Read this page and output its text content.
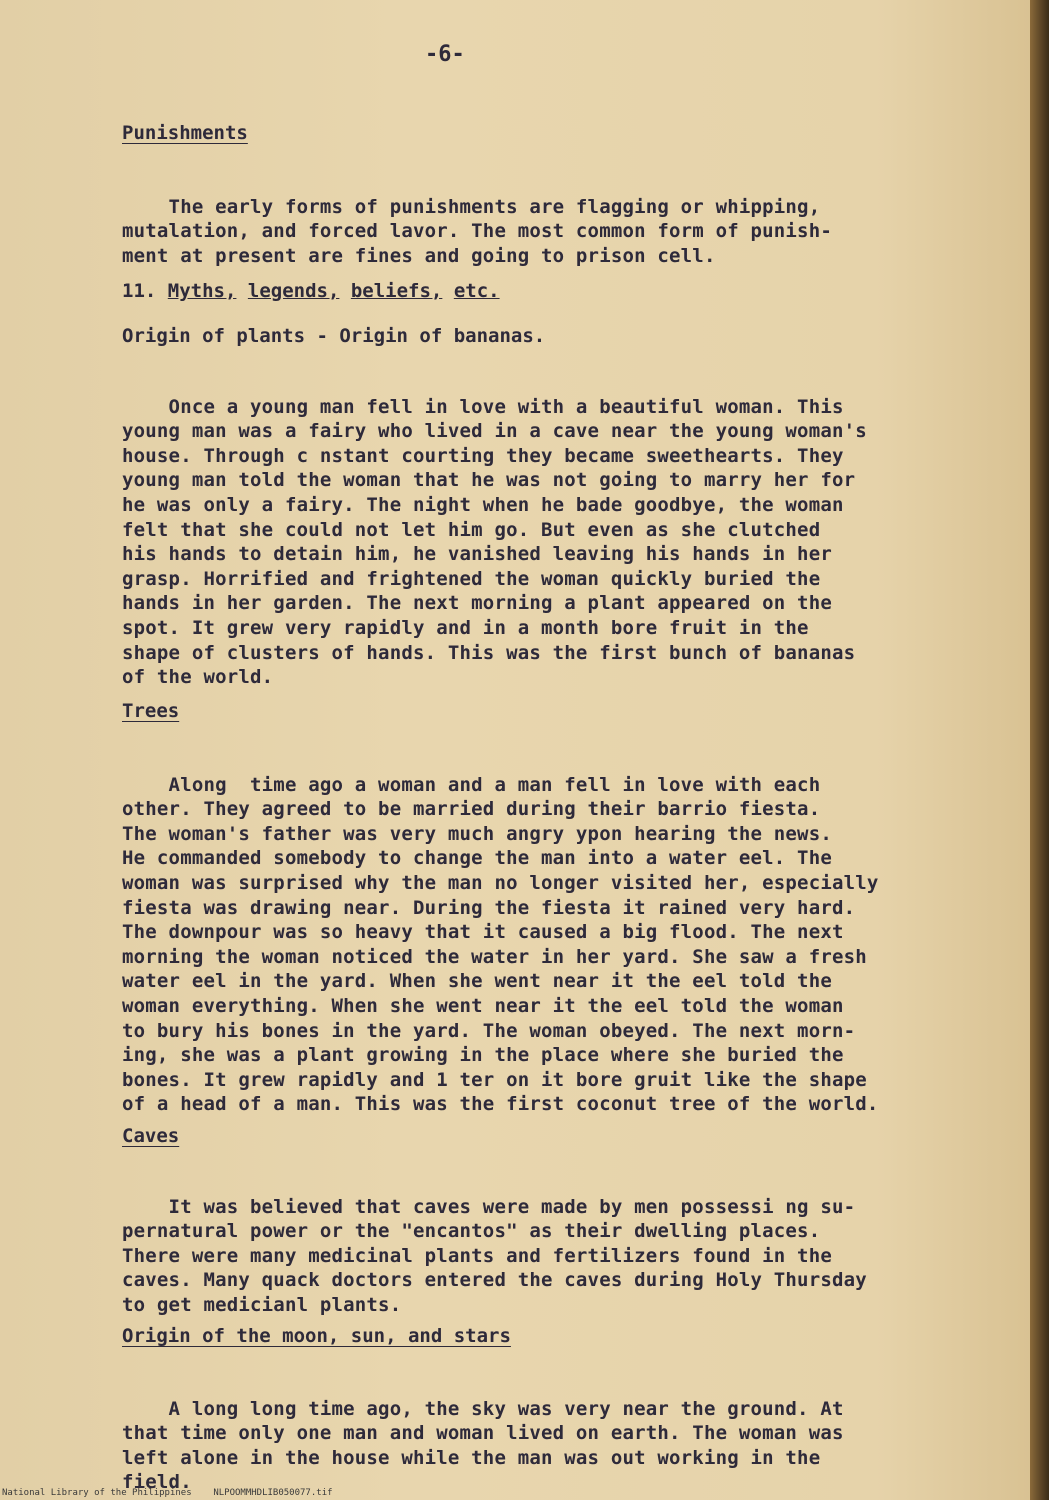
-6-
Punishments

The early forms of punishments are flagging or whipping,
mutalation, and forced lavor. The most common form of punish-
ment at present are fines and going to prison cell.
11. Myths, legends, beliefs, etc.
Origin of plants - Origin of bananas.

Once a young man fell in love with a beautiful woman. This
young man was a fairy who lived in a cave near the young woman's
house. Through c nstant courting they became sweethearts. They
young man told the woman that he was not going to marry her for
he was only a fairy. The night when he bade goodbye, the woman
felt that she could not let him go. But even as she clutched
his hands to detain him, he vanished leaving his hands in her
grasp. Horrified and frightened the woman quickly buried the
hands in her garden. The next morning a plant appeared on the
spot. It grew very rapidly and in a month bore fruit in the
shape of clusters of hands. This was the first bunch of bananas
of the world.
Trees

Along  time ago a woman and a man fell in love with each
other. They agreed to be married during their barrio fiesta.
The woman's father was very much angry ypon hearing the news.
He commanded somebody to change the man into a water eel. The
woman was surprised why the man no longer visited her, especially
fiesta was drawing near. During the fiesta it rained very hard.
The downpour was so heavy that it caused a big flood. The next
morning the woman noticed the water in her yard. She saw a fresh
water eel in the yard. When she went near it the eel told the
woman everything. When she went near it the eel told the woman
to bury his bones in the yard. The woman obeyed. The next morn-
ing, she was a plant growing in the place where she buried the
bones. It grew rapidly and 1 ter on it bore gruit like the shape
of a head of a man. This was the first coconut tree of the world.
Caves

It was believed that caves were made by men possessi ng su-
pernatural power or the "encantos" as their dwelling places.
There were many medicinal plants and fertilizers found in the
caves. Many quack doctors entered the caves during Holy Thursday
to get medicianl plants.
Origin of the moon, sun, and stars

A long long time ago, the sky was very near the ground. At
that time only one man and woman lived on earth. The woman was
left alone in the house while the man was out working in the
field.
National Library of the Philippines    NLPOOMMHDLIB050077.tif
